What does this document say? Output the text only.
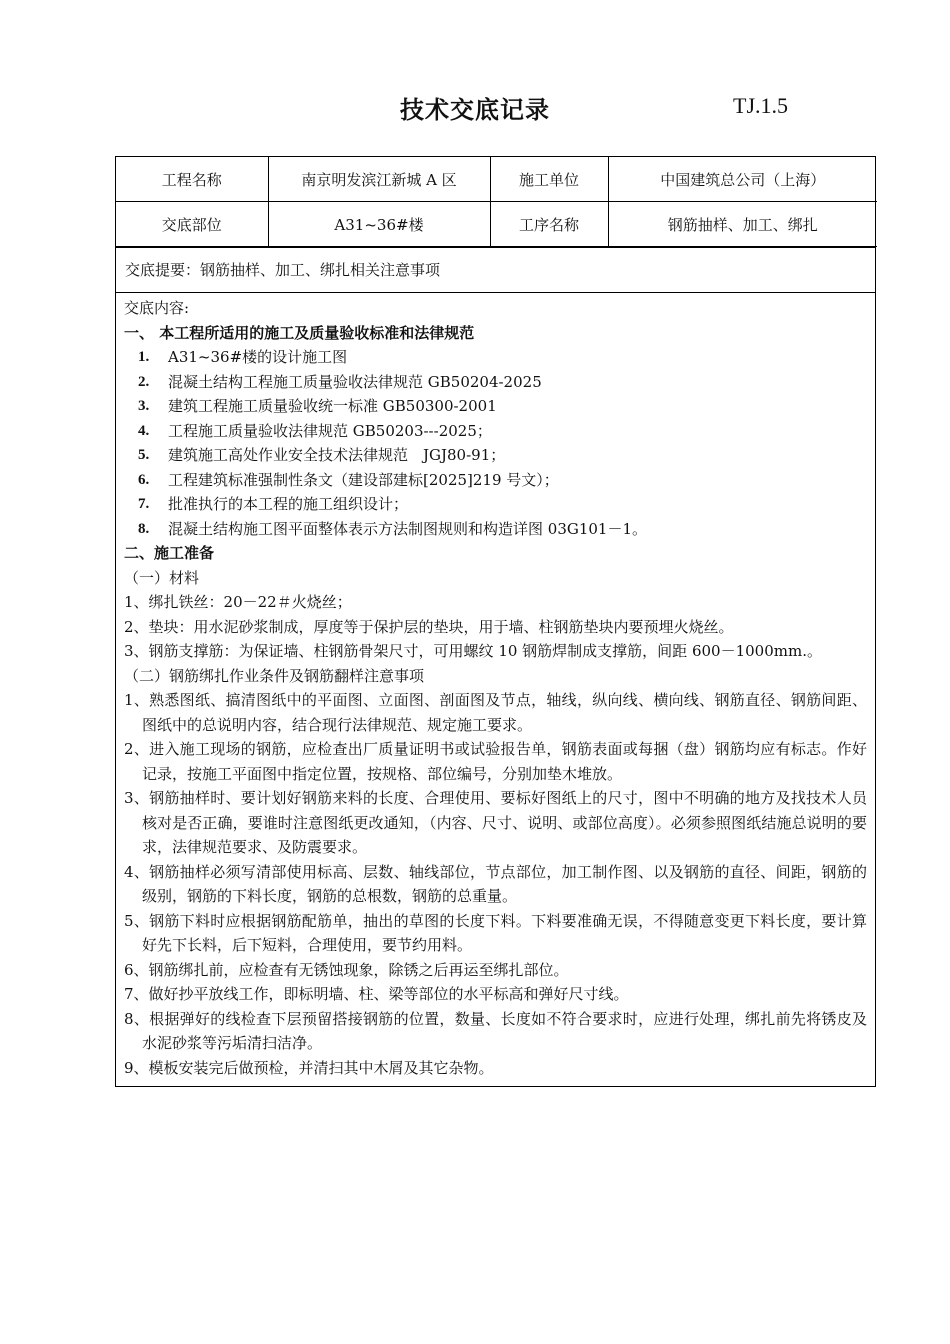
技术交底记录	TJ.1.5
工程名称	南京明发滨江新城 A 区	施工单位	中国建筑总公司（上海）
交底部位	A31~36#楼	工序名称	钢筋抽样、加工、绑扎
交底提要：钢筋抽样、加工、绑扎相关注意事项
交底内容:
一、 本工程所适用的施工及质量验收标准和法律规范
1.	A31~36#楼的设计施工图
2.	混凝土结构工程施工质量验收法律规范 GB50204-2025
3.	建筑工程施工质量验收统一标准 GB50300-2001
4.	工程施工质量验收法律规范 GB50203---2025；
5.	建筑施工高处作业安全技术法律规范　JGJ80-91；
6.	工程建筑标准强制性条文（建设部建标[2025]219 号文）；
7.	批准执行的本工程的施工组织设计；
8.	混凝土结构施工图平面整体表示方法制图规则和构造详图 03G101－1。
二、施工准备
（一）材料
1、绑扎铁丝：20－22＃火烧丝；
2、垫块：用水泥砂浆制成，厚度等于保护层的垫块，用于墙、柱钢筋垫块内要预埋火烧丝。
3、钢筋支撑筋：为保证墙、柱钢筋骨架尺寸，可用螺纹 10 钢筋焊制成支撑筋，间距 600－1000mm.。
（二）钢筋绑扎作业条件及钢筋翻样注意事项
1、熟悉图纸、搞清图纸中的平面图、立面图、剖面图及节点，轴线，纵向线、横向线、钢筋直径、钢筋间距、图纸中的总说明内容，结合现行法律规范、规定施工要求。
2、进入施工现场的钢筋，应检查出厂质量证明书或试验报告单，钢筋表面或每捆（盘）钢筋均应有标志。作好记录，按施工平面图中指定位置，按规格、部位编号，分别加垫木堆放。
3、钢筋抽样时、要计划好钢筋来料的长度、合理使用、要标好图纸上的尺寸，图中不明确的地方及找技术人员核对是否正确，要谁时注意图纸更改通知，（内容、尺寸、说明、或部位高度）。必须参照图纸结施总说明的要求，法律规范要求、及防震要求。
4、钢筋抽样必须写清部使用标高、层数、轴线部位，节点部位，加工制作图、以及钢筋的直径、间距，钢筋的级别，钢筋的下料长度，钢筋的总根数，钢筋的总重量。
5、钢筋下料时应根据钢筋配筋单，抽出的草图的长度下料。下料要准确无误，不得随意变更下料长度，要计算好先下长料，后下短料，合理使用，要节约用料。
6、钢筋绑扎前，应检查有无锈蚀现象，除锈之后再运至绑扎部位。
7、做好抄平放线工作，即标明墙、柱、梁等部位的水平标高和弹好尺寸线。
8、根据弹好的线检查下层预留搭接钢筋的位置，数量、长度如不符合要求时，应进行处理，绑扎前先将锈皮及水泥砂浆等污垢清扫洁净。
9、模板安装完后做预检，并清扫其中木屑及其它杂物。
